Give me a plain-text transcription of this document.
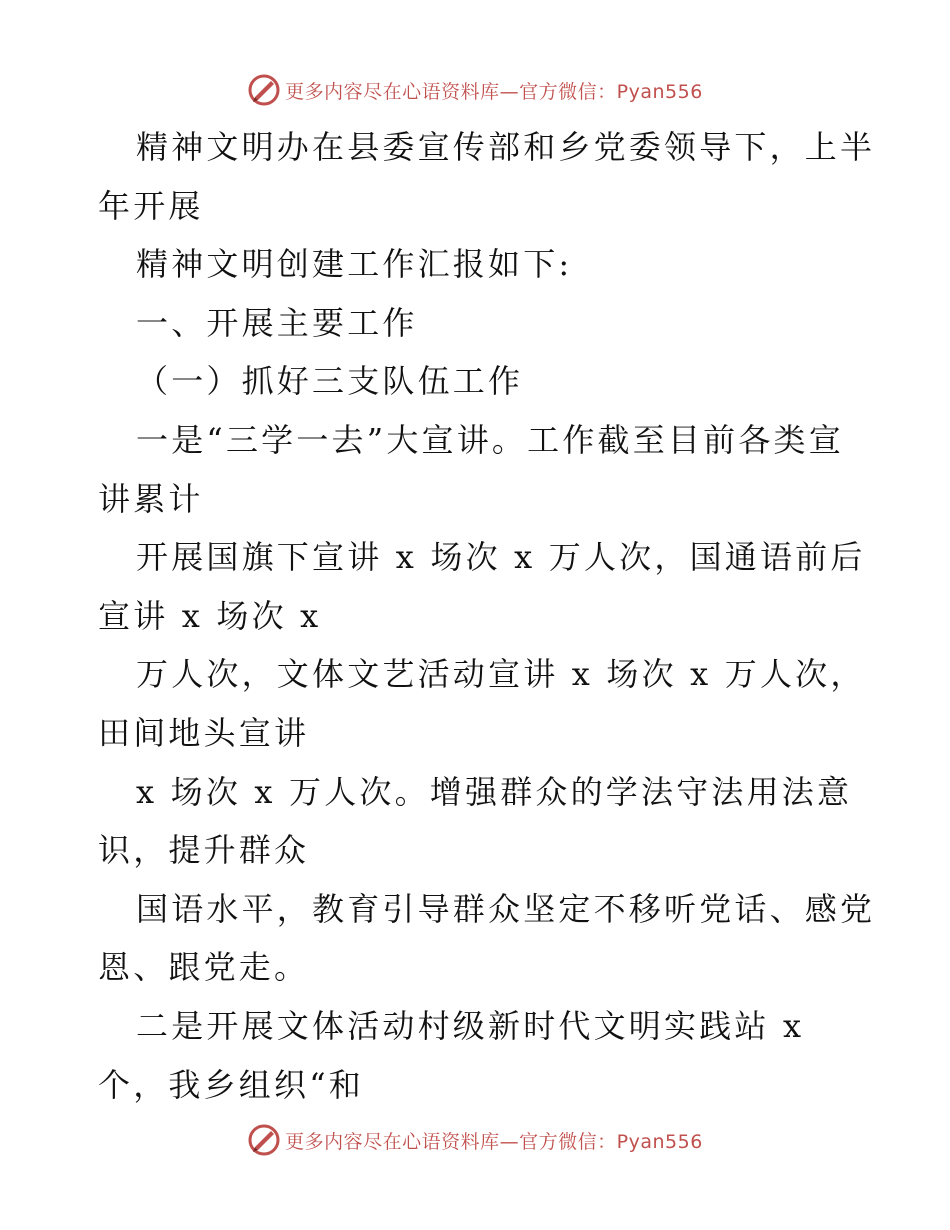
更多内容尽在心语资料库—官方微信：Pyan556
精神文明办在县委宣传部和乡党委领导下，上半
年开展
精神文明创建工作汇报如下:
一、开展主要工作
（一）抓好三支队伍工作
一是“三学一去”大宣讲。工作截至目前各类宣
讲累计
开展国旗下宣讲 x 场次 x 万人次，国通语前后
宣讲 x 场次 x
万人次，文体文艺活动宣讲 x 场次 x 万人次，
田间地头宣讲
x 场次 x 万人次。增强群众的学法守法用法意
识，提升群众
国语水平，教育引导群众坚定不移听党话、感党
恩、跟党走。
二是开展文体活动村级新时代文明实践站 x
个，我乡组织“和
更多内容尽在心语资料库—官方微信：Pyan556
